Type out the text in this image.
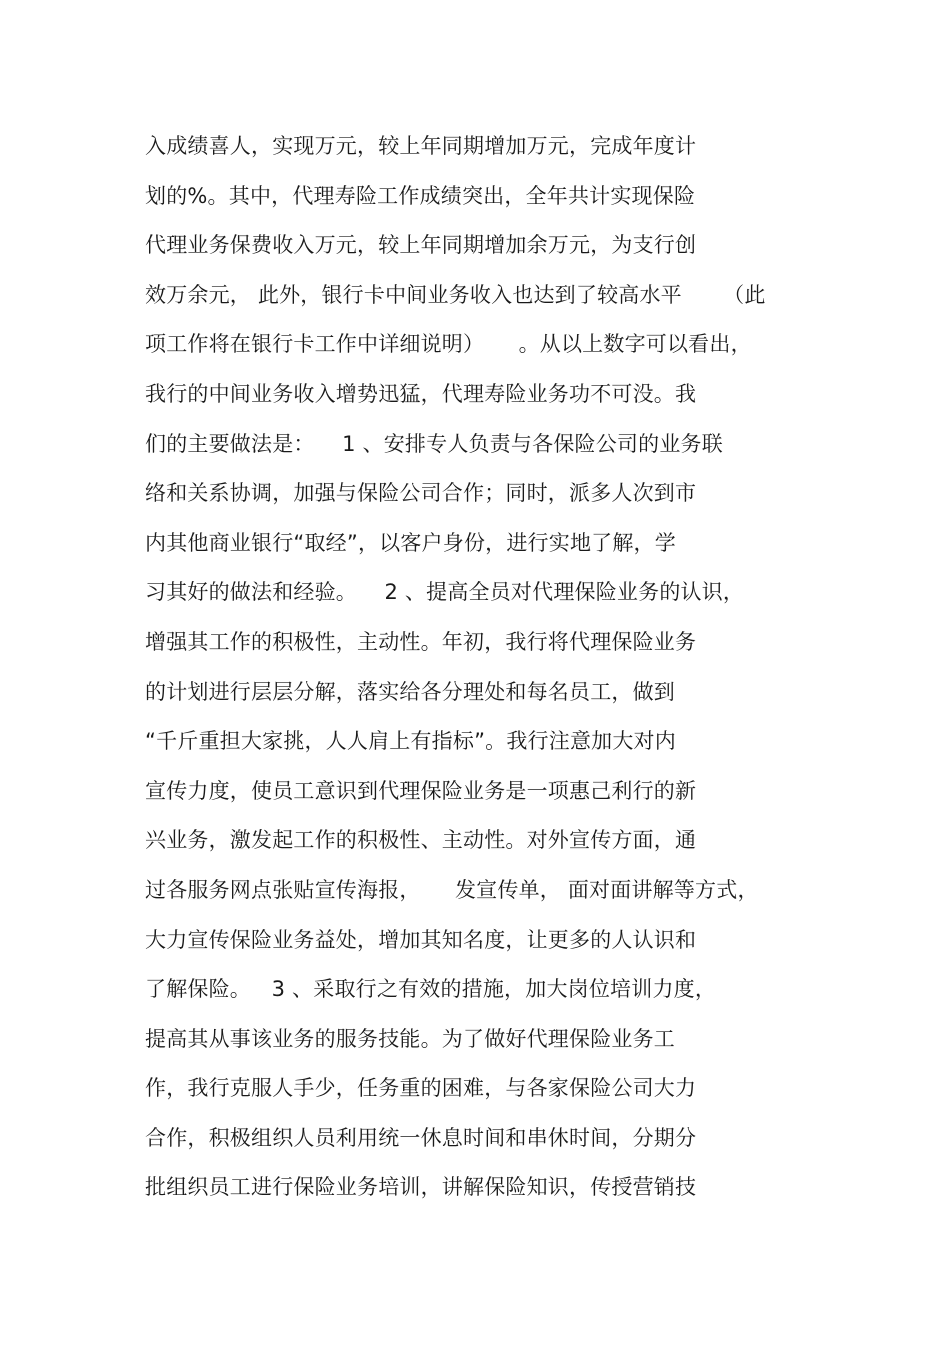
入成绩喜人，实现万元，较上年同期增加万元，完成年度计
划的%。其中，代理寿险工作成绩突出，全年共计实现保险
代理业务保费收入万元，较上年同期增加余万元，为支行创
效万余元， 此外，银行卡中间业务收入也达到了较高水平      （此
项工作将在银行卡工作中详细说明）     。从以上数字可以看出，
我行的中间业务收入增势迅猛，代理寿险业务功不可没。我
们的主要做法是：    1 、安排专人负责与各保险公司的业务联
络和关系协调，加强与保险公司合作；同时，派多人次到市
内其他商业银行“取经”，以客户身份，进行实地了解，学
习其好的做法和经验。    2 、提高全员对代理保险业务的认识，
增强其工作的积极性，主动性。年初，我行将代理保险业务
的计划进行层层分解，落实给各分理处和每名员工，做到
“千斤重担大家挑，人人肩上有指标”。我行注意加大对内
宣传力度，使员工意识到代理保险业务是一项惠己利行的新
兴业务，激发起工作的积极性、主动性。对外宣传方面，通
过各服务网点张贴宣传海报，     发宣传单， 面对面讲解等方式，
大力宣传保险业务益处，增加其知名度，让更多的人认识和
了解保险。   3 、采取行之有效的措施，加大岗位培训力度，
提高其从事该业务的服务技能。为了做好代理保险业务工
作，我行克服人手少，任务重的困难，与各家保险公司大力
合作，积极组织人员利用统一休息时间和串休时间，分期分
批组织员工进行保险业务培训，讲解保险知识，传授营销技
